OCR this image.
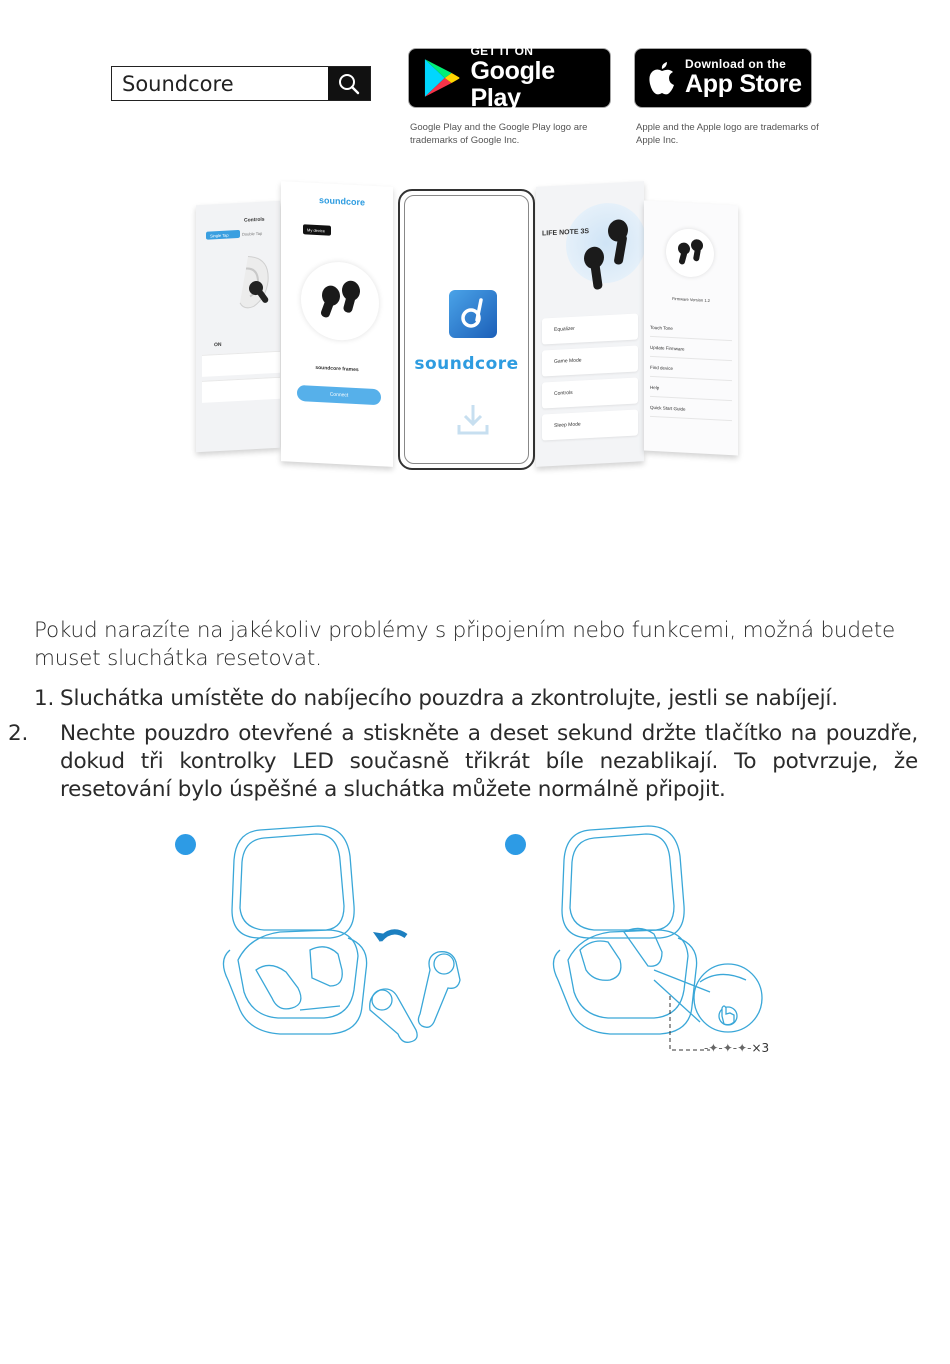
Soundcore
GET IT ON
Google Play
Google Play and the Google Play logo are trademarks of Google Inc.
Download on the
App Store
Apple and the Apple logo are trademarks of Apple Inc.
Controls
Single Tap	Double Tap
ON
soundcore
My device
soundcore frames
Connect
soundcore
LIFE NOTE 3S
Equalizer
Game Mode
Controls
Sleep Mode
Firmware Version 1.2
Touch Tone
Update Firmware
Find device
Help
Quick Start Guide

Pokud narazíte na jakékoliv problémy s připojením nebo funkcemi, možná budete muset sluchátka resetovat.

1. Sluchátka umístěte do nabíjecího pouzdra a zkontrolujte, jestli se nabíjejí.
2. Nechte pouzdro otevřené a stiskněte a deset sekund držte tlačítko na pouzdře, dokud tři kontrolky LED současně třikrát bíle nezablikají. To potvrzuje, že resetování bylo úspěšné a sluchátka můžete normálně připojit.
-✦-✦-✦-×3
